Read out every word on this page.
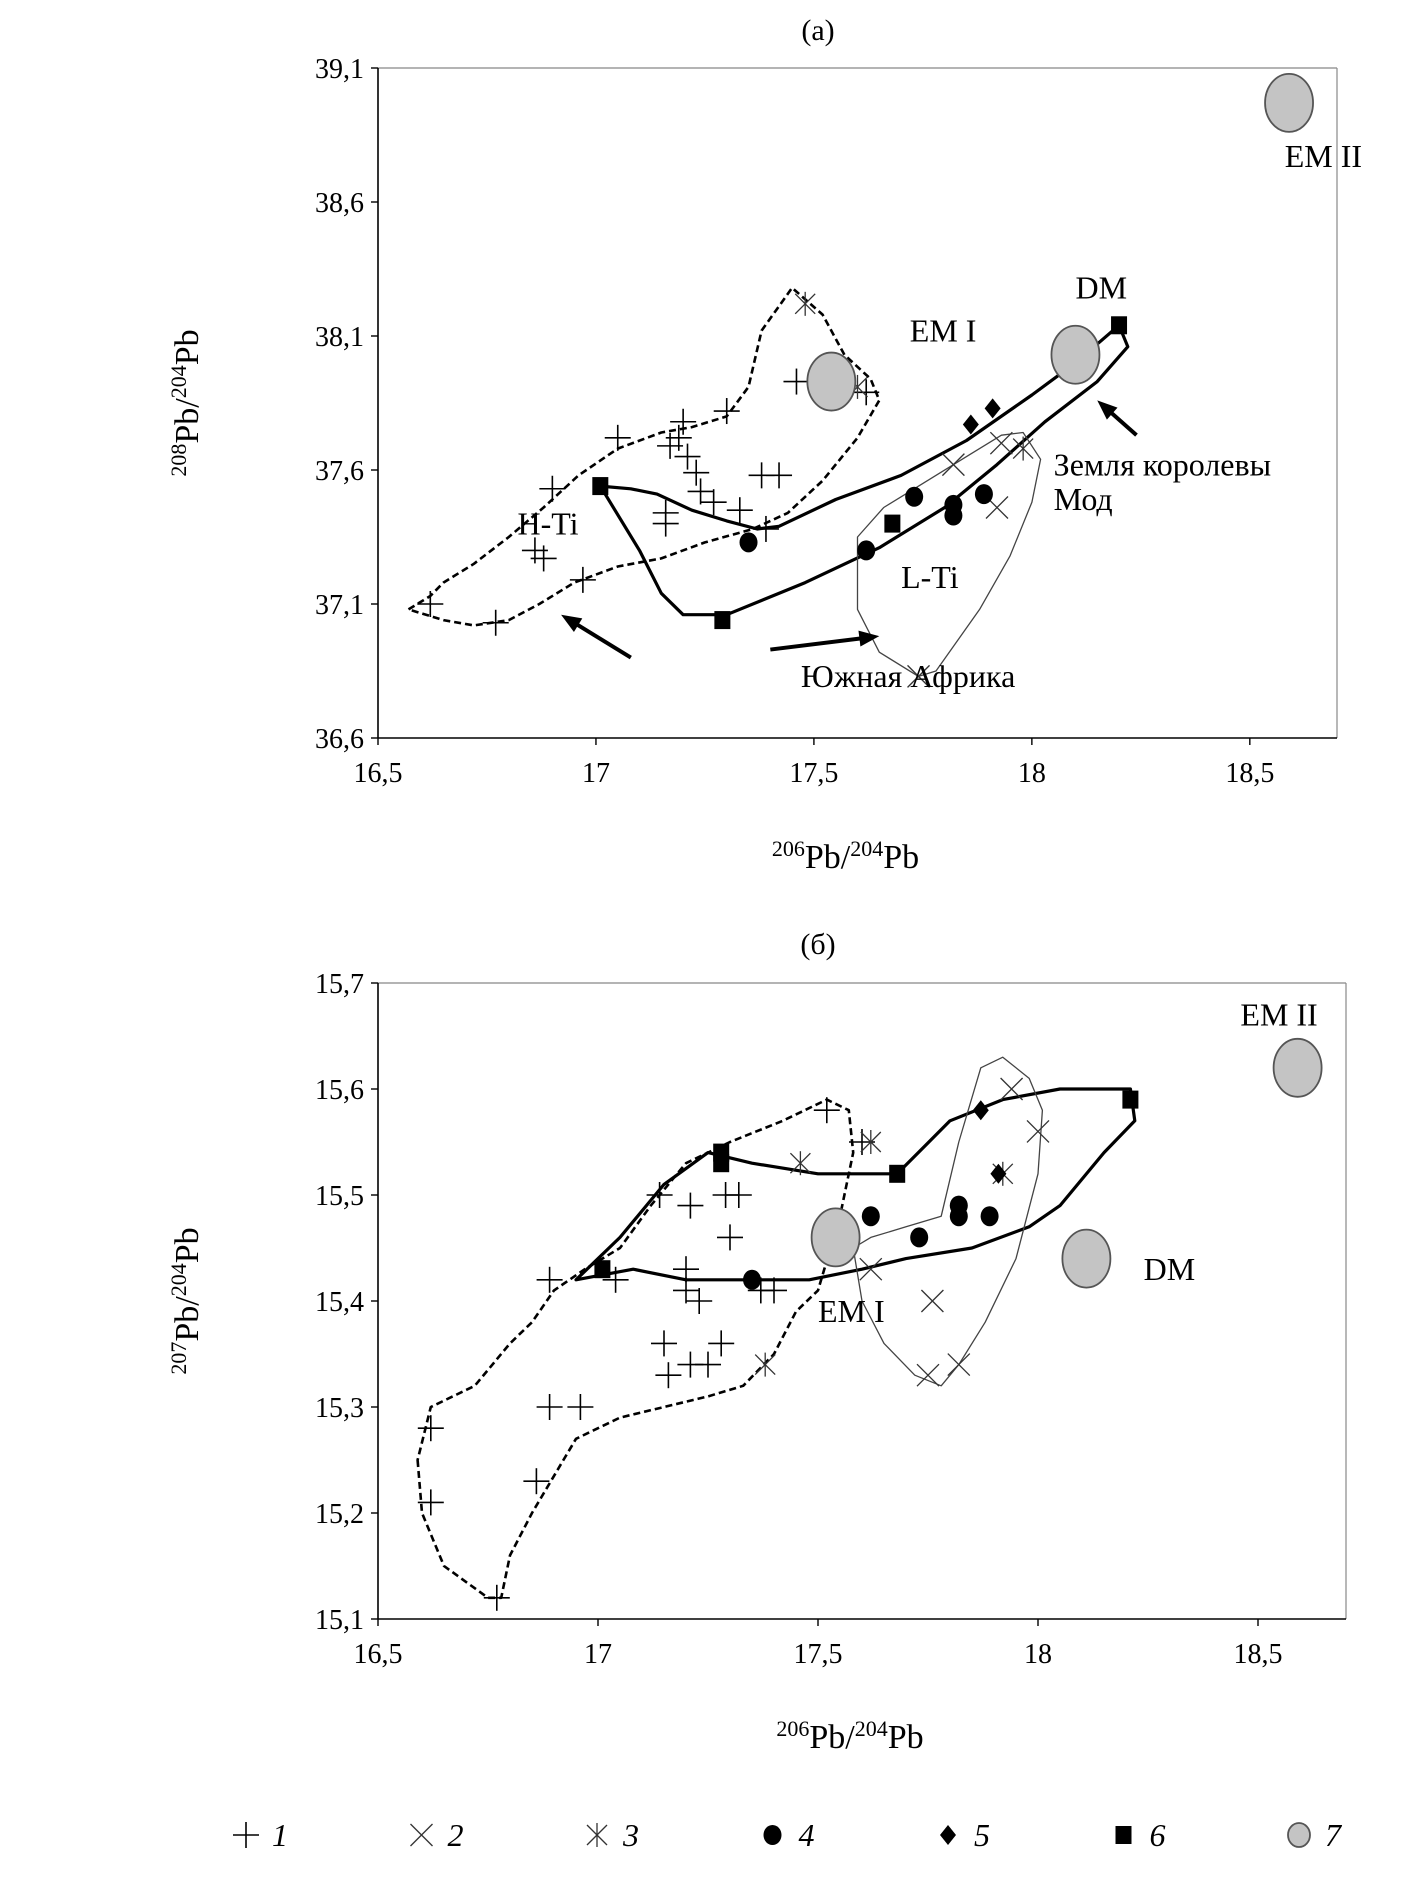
(a)
36,6
37,1
37,6
38,1
38,6
39,1
16,5	17	17,5	18	18,5
$^{206}$Pb/$^{204}$Pb
$^{208}$Pb/$^{204}$Pb
EM II
DM
EM I
H-Ti
L-Ti
Земля королевы
Мод
Южная Африка
(б)
15,1
15,2
15,3
15,4
15,5
15,6
15,7
16,5	17	17,5	18	18,5
$^{206}$Pb/$^{204}$Pb
$^{207}$Pb/$^{204}$Pb
EM II
DM
EM I
1	2	3	4	5	6	7
